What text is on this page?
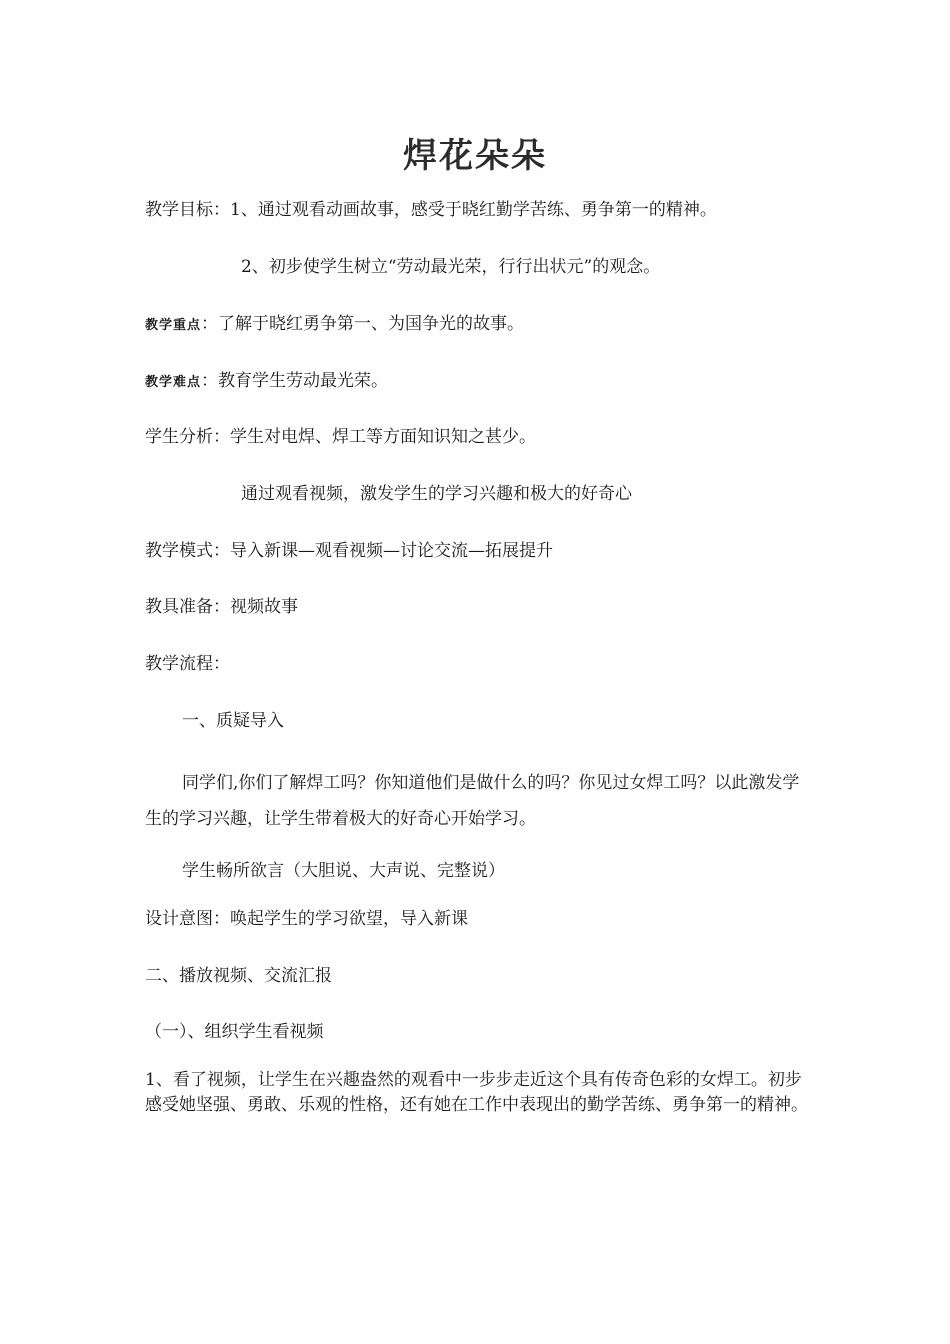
焊花朵朵
教学目标：1、通过观看动画故事，感受于晓红勤学苦练、勇争第一的精神。
2、初步使学生树立“劳动最光荣，行行出状元”的观念。
教学重点：了解于晓红勇争第一、为国争光的故事。
教学难点：教育学生劳动最光荣。
学生分析：学生对电焊、焊工等方面知识知之甚少。
通过观看视频，激发学生的学习兴趣和极大的好奇心
教学模式：导入新课—观看视频—讨论交流—拓展提升
教具准备：视频故事
教学流程：
一、质疑导入
同学们,你们了解焊工吗？你知道他们是做什么的吗？你见过女焊工吗？以此激发学生的学习兴趣，让学生带着极大的好奇心开始学习。
学生畅所欲言（大胆说、大声说、完整说）
设计意图：唤起学生的学习欲望，导入新课
二、播放视频、交流汇报
（一）、组织学生看视频
1、看了视频，让学生在兴趣盎然的观看中一步步走近这个具有传奇色彩的女焊工。初步感受她坚强、勇敢、乐观的性格，还有她在工作中表现出的勤学苦练、勇争第一的精神。
